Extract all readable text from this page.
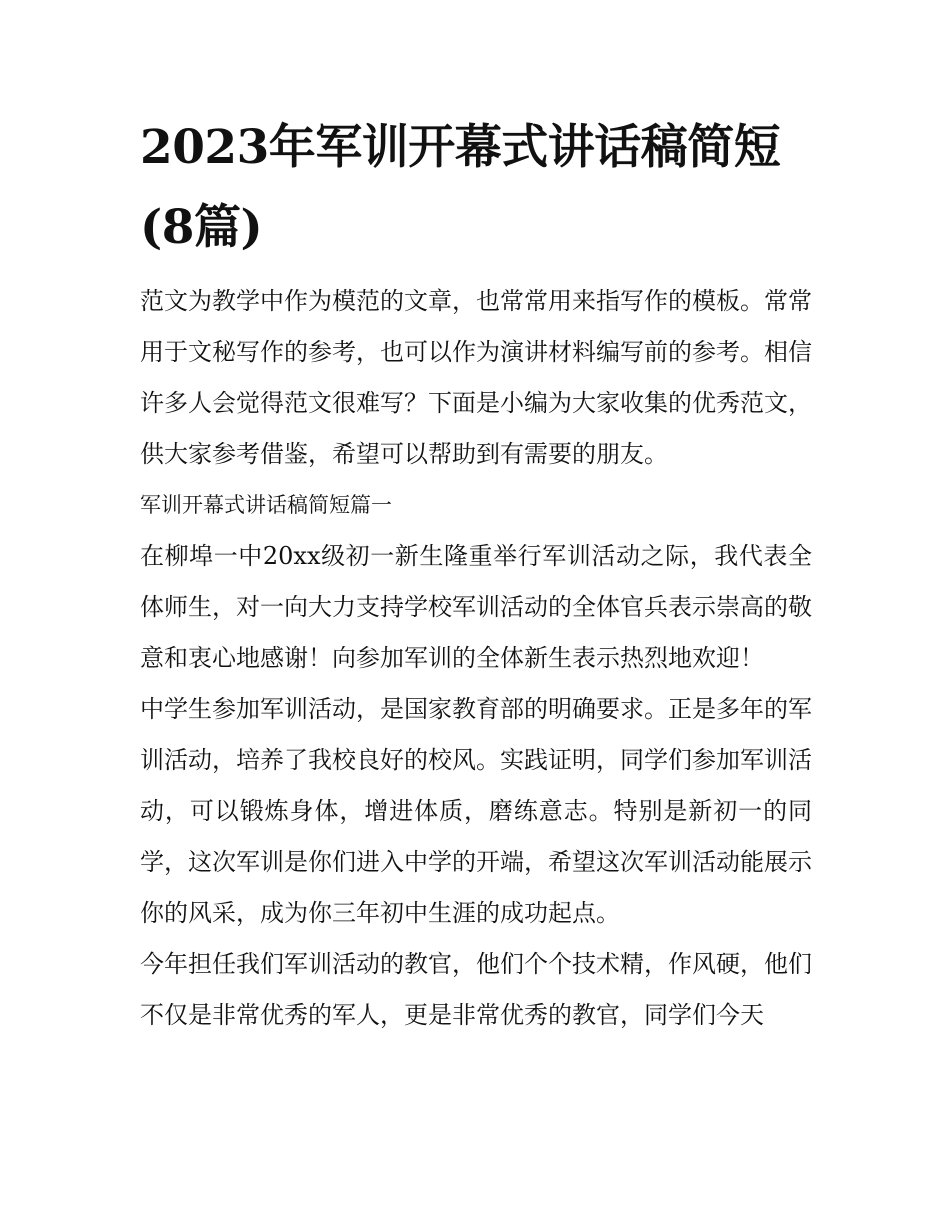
2023年军训开幕式讲话稿简短(8篇)

范文为教学中作为模范的文章，也常常用来指写作的模板。常常用于文秘写作的参考，也可以作为演讲材料编写前的参考。相信许多人会觉得范文很难写？下面是小编为大家收集的优秀范文，供大家参考借鉴，希望可以帮助到有需要的朋友。

军训开幕式讲话稿简短篇一

在柳埠一中20xx级初一新生隆重举行军训活动之际，我代表全体师生，对一向大力支持学校军训活动的全体官兵表示崇高的敬意和衷心地感谢！向参加军训的全体新生表示热烈地欢迎！

中学生参加军训活动，是国家教育部的明确要求。正是多年的军训活动，培养了我校良好的校风。实践证明，同学们参加军训活动，可以锻炼身体，增进体质，磨练意志。特别是新初一的同学，这次军训是你们进入中学的开端，希望这次军训活动能展示你的风采，成为你三年初中生涯的成功起点。

今年担任我们军训活动的教官，他们个个技术精，作风硬，他们不仅是非常优秀的军人，更是非常优秀的教官，同学们今天
